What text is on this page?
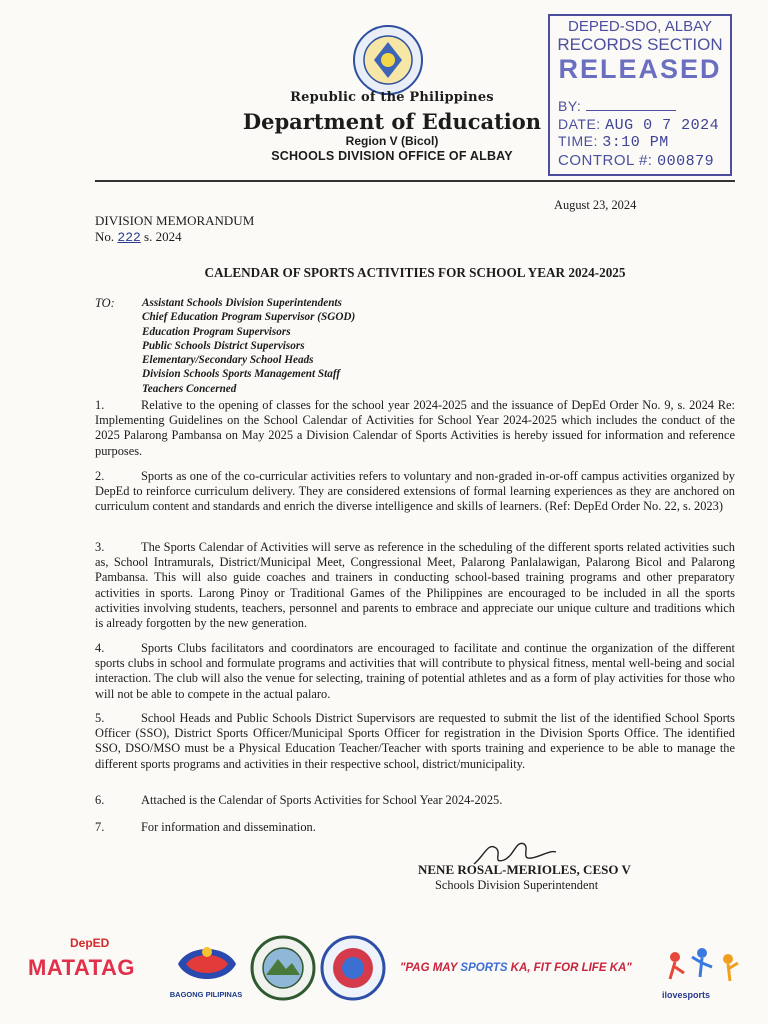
Republic of the Philippines
Department of Education
Region V (Bicol)
SCHOOLS DIVISION OFFICE OF ALBAY
DEPED-SDO, ALBAY
RECORDS SECTION
RELEASED
BY:
DATE: AUG 0 7 2024
TIME: 3:10 PM
CONTROL #: 000879
August 23, 2024
DIVISION MEMORANDUM
No. 222 s. 2024
CALENDAR OF SPORTS ACTIVITIES FOR SCHOOL YEAR 2024-2025
TO: Assistant Schools Division Superintendents
Chief Education Program Supervisor (SGOD)
Education Program Supervisors
Public Schools District Supervisors
Elementary/Secondary School Heads
Division Schools Sports Management Staff
Teachers Concerned
1.	Relative to the opening of classes for the school year 2024-2025 and the issuance of DepEd Order No. 9, s. 2024 Re: Implementing Guidelines on the School Calendar of Activities for School Year 2024-2025 which includes the conduct of the 2025 Palarong Pambansa on May 2025 a Division Calendar of Sports Activities is hereby issued for information and reference purposes.
2.	Sports as one of the co-curricular activities refers to voluntary and non-graded in-or-off campus activities organized by DepEd to reinforce curriculum delivery. They are considered extensions of formal learning experiences as they are anchored on curriculum content and standards and enrich the diverse intelligence and skills of learners. (Ref: DepEd Order No. 22, s. 2023)
3.	The Sports Calendar of Activities will serve as reference in the scheduling of the different sports related activities such as, School Intramurals, District/Municipal Meet, Congressional Meet, Palarong Panlalawigan, Palarong Bicol and Palarong Pambansa. This will also guide coaches and trainers in conducting school-based training programs and other preparatory activities in sports. Larong Pinoy or Traditional Games of the Philippines are encouraged to be included in all the sports activities involving students, teachers, personnel and parents to embrace and appreciate our unique culture and traditions which is already forgotten by the new generation.
4.	Sports Clubs facilitators and coordinators are encouraged to facilitate and continue the organization of the different sports clubs in school and formulate programs and activities that will contribute to physical fitness, mental well-being and social interaction. The club will also the venue for selecting, training of potential athletes and as a form of play activities for those who will not be able to compete in the actual palaro.
5.	School Heads and Public Schools District Supervisors are requested to submit the list of the identified School Sports Officer (SSO), District Sports Officer/Municipal Sports Officer for registration in the Division Sports Office. The identified SSO, DSO/MSO must be a Physical Education Teacher/Teacher with sports training and experience to be able to manage the different sports programs and activities in their respective school, district/municipality.
6.	Attached is the Calendar of Sports Activities for School Year 2024-2025.
7.	For information and dissemination.
NENE ROSAL-MERIOLES, CESO V
Schools Division Superintendent
DepED
MATATAG
BAGONG PILIPINAS
"PAG MAY SPORTS KA, FIT FOR LIFE KA"
ilovesports
